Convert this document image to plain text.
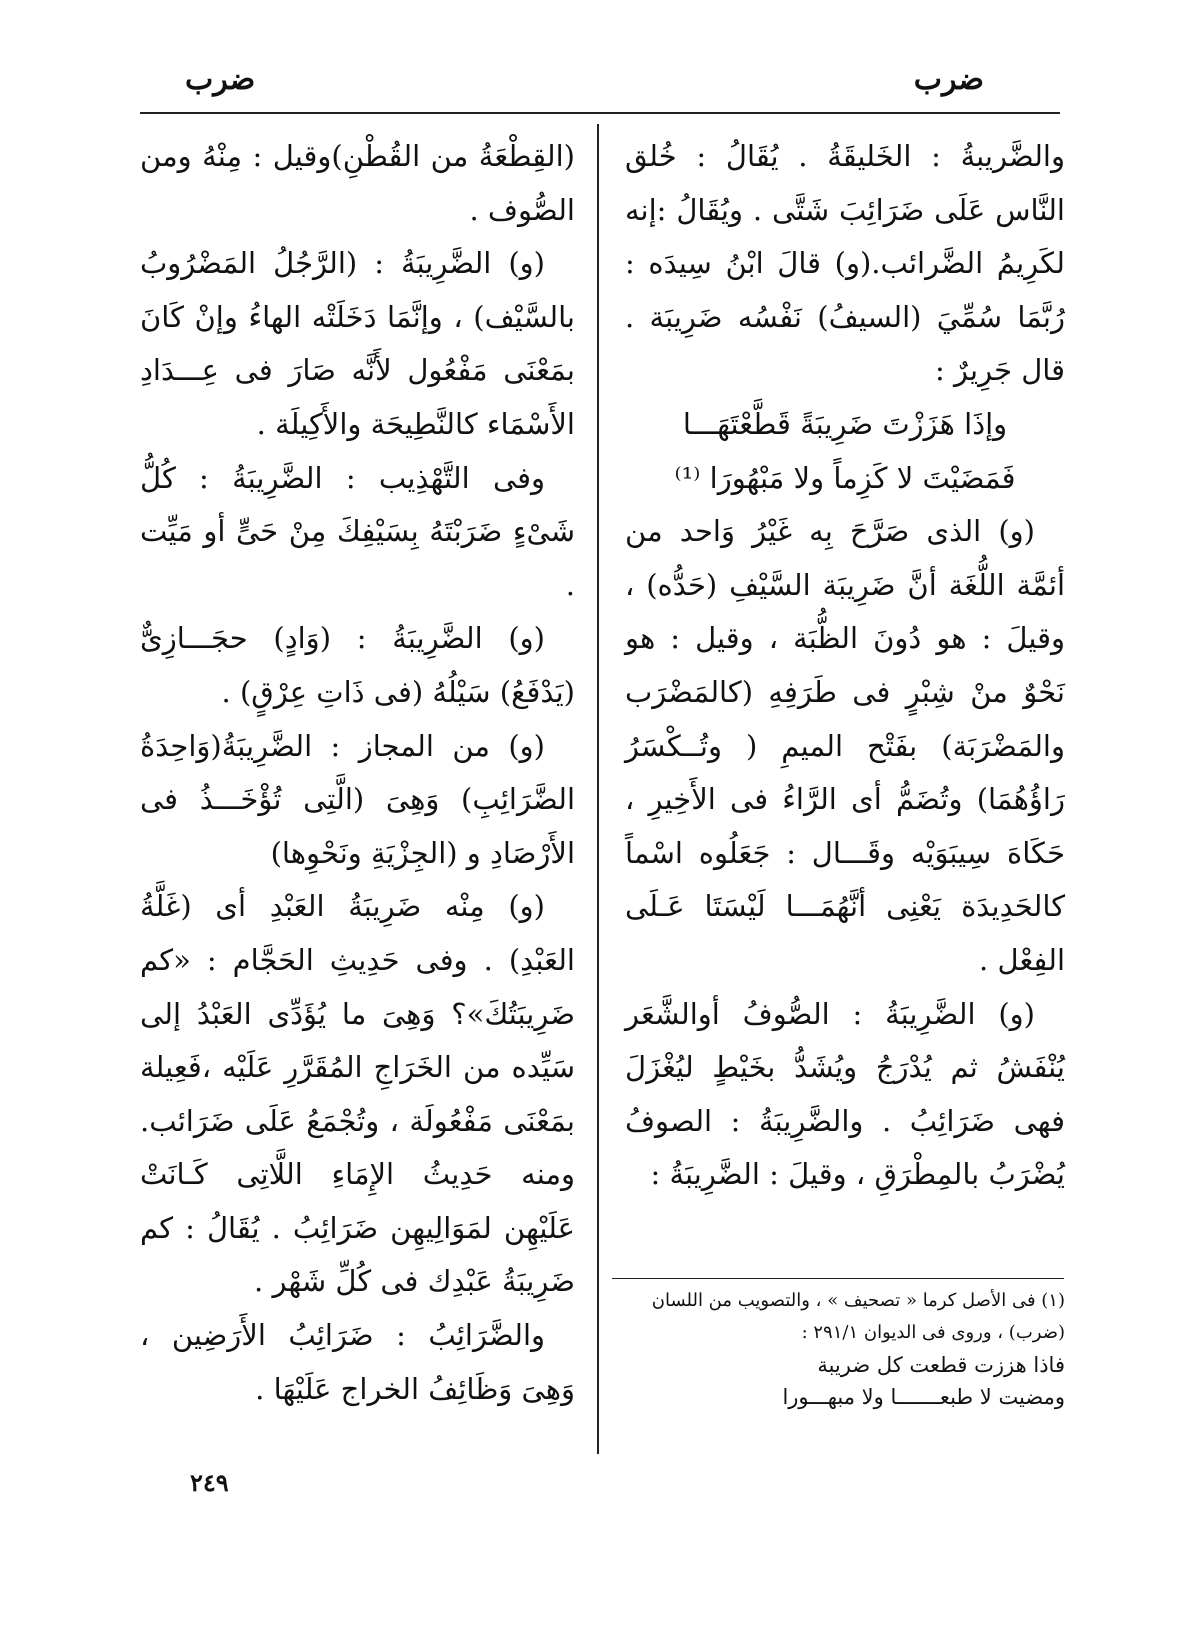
ضرب
ضرب

والضَّريبةُ : الخَليقَةُ . يُقَالُ : خُلق النَّاس عَلَى ضَرَائِبَ شَتَّى . ويُقَالُ :إنه لكَرِيمُ الضَّرائب.(و) قالَ ابْنُ سِيدَه : رُبَّمَا سُمِّيَ (السيفُ) نَفْسُه ضَرِيبَة . قال جَرِيرٌ :

وإذَا هَزَزْتَ ضَرِيبَةً قَطَّعْتَهَـــا

فَمَضَيْتَ لا كَزِماً ولا مَبْهُورَا ⁽¹⁾

(و) الذى صَرَّحَ بِه غَيْرُ وَاحد من أئمَّة اللُّغَة أنَّ ضَرِيبَة السَّيْفِ (حَدُّه) ، وقيلَ : هو دُونَ الظُّبَة ، وقيل : هو نَحْوٌ منْ شِبْرٍ فى طَرَفِهِ (كالمَضْرَب والمَضْرَبَة) بفَتْح الميمِ ( وتُــكْسَرُ رَاؤُهُمَا) وتُضَمُّ أى الرَّاءُ فى الأَخِيرِ ، حَكَاهَ سِيبَوَيْه وقَـــال : جَعَلُوه اسْماً كالحَدِيدَة يَعْنِى أنَّهُمَـــا لَيْسَتَا عَـلَى الفِعْل .

(و) الضَّرِيبَةُ : الصُّوفُ أوالشَّعَر يُنْفَشُ ثم يُدْرَجُ ويُشَدُّ بخَيْطٍ ليُغْزَلَ فهى ضَرَائِبُ . والضَّرِيبَةُ : الصوفُ يُضْرَبُ بالمِطْرَقِ ، وقيلَ : الضَّرِيبَةُ :

(القِطْعَةُ من القُطْنِ)وقيل : مِنْهُ ومن الصُّوف .

(و) الضَّرِيبَةُ : (الرَّجُلُ المَضْرُوبُ بالسَّيْف) ، وإنَّمَا دَخَلَتْه الهاءُ وإنْ كَانَ بمَعْنَى مَفْعُول لأَنَّه صَارَ فى عِـــدَادِ الأَسْمَاء كالنَّطِيحَة والأَكِيلَة .

وفى التَّهْذِيب : الضَّرِيبَةُ : كُلُّ شَىْءٍ ضَرَبْتَهُ بِسَيْفِكَ مِنْ حَىٍّ أو مَيِّت .

(و) الضَّرِيبَةُ : (وَادٍ) حجَـــازِىٌّ (يَدْفَعُ) سَيْلُهُ (فى ذَاتِ عِرْقٍ) .

(و) من المجاز : الضَّرِيبَةُ(وَاحِدَةُ الضَّرَائِبِ) وَهِىَ (الَّتِى تُؤْخَـــذُ فى الأَرْصَادِ و (الجِزْيَةِ ونَحْوِها)

(و) مِنْه ضَرِيبَةُ العَبْدِ أى (غَلَّةُ العَبْدِ) . وفى حَدِيثِ الحَجَّام : «كم ضَرِيبَتُكَ»؟ وَهِىَ ما يُؤَدِّى العَبْدُ إلى سَيِّده من الخَرَاجِ المُقَرَّرِ عَلَيْه ،فَعِيلة بمَعْنَى مَفْعُولَة ، وتُجْمَعُ عَلَى ضَرَائب. ومنه حَدِيثُ الإِمَاءِ اللَّاتِى كَـانَتْ عَلَيْهِن لمَوَالِيهِن ضَرَائِبُ . يُقَالُ : كم ضَرِيبَةُ عَبْدِك فى كُلِّ شَهْر .

والضَّرَائِبُ : ضَرَائِبُ الأَرَضِين ، وَهِىَ وَظَائِفُ الخراج عَلَيْهَا .

(١) فى الأصل كرما « تصحيف » ، والتصويب من اللسان (ضرب) ، وروى فى الديوان ٢٩١/١ :

فاذا هززت قطعت كل ضريبة

ومضيت لا طبعـــــــا ولا مبهـــورا

٢٤٩
